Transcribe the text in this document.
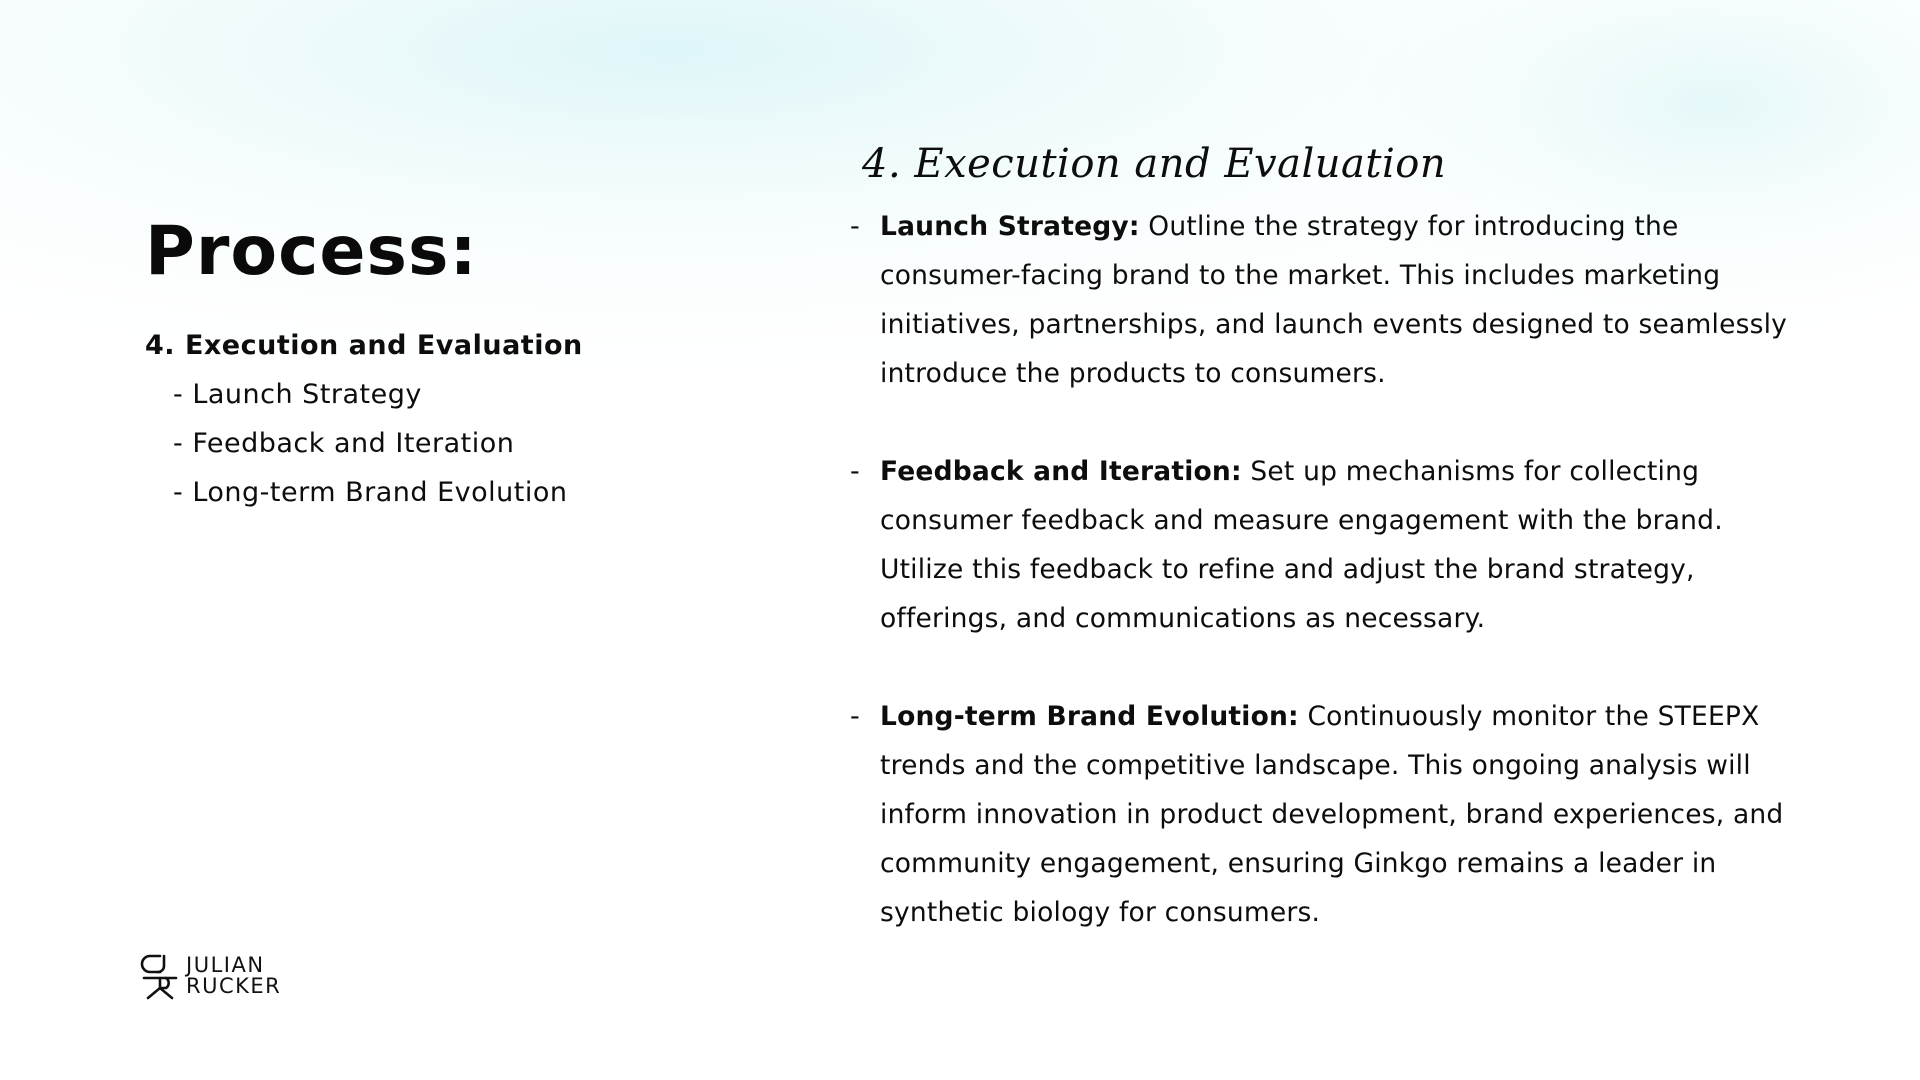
Process:
4. Execution and Evaluation
- Launch Strategy
- Feedback and Iteration
- Long-term Brand Evolution
4. Execution and Evaluation
- Launch Strategy: Outline the strategy for introducing the consumer-facing brand to the market. This includes marketing initiatives, partnerships, and launch events designed to seamlessly introduce the products to consumers.
- Feedback and Iteration: Set up mechanisms for collecting consumer feedback and measure engagement with the brand. Utilize this feedback to refine and adjust the brand strategy, offerings, and communications as necessary.
- Long-term Brand Evolution: Continuously monitor the STEEPX trends and the competitive landscape. This ongoing analysis will inform innovation in product development, brand experiences, and community engagement, ensuring Ginkgo remains a leader in synthetic biology for consumers.
JULIAN
RUCKER
